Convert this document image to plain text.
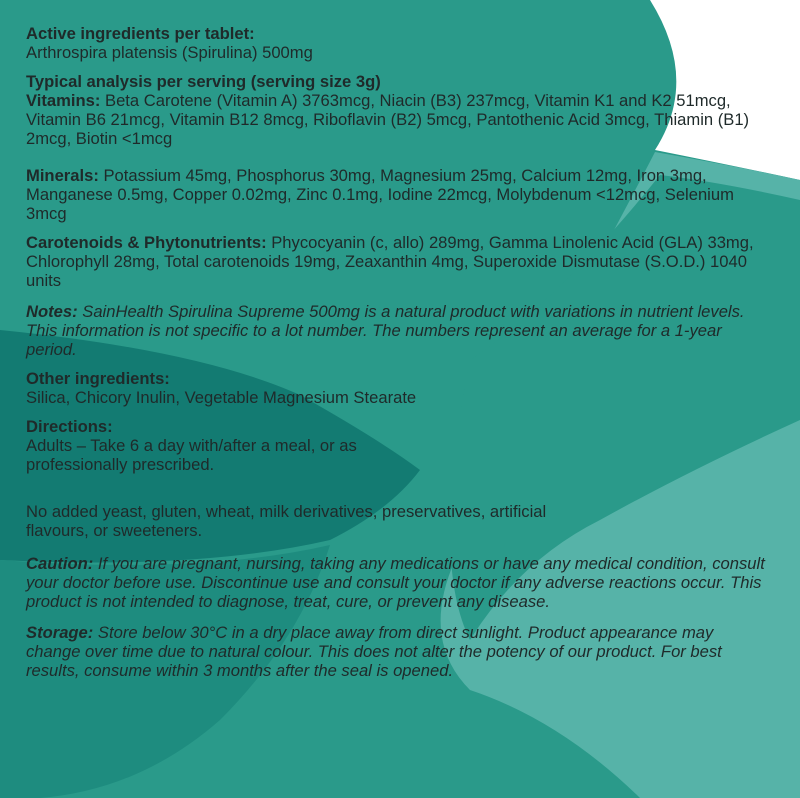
Active ingredients per tablet:
Arthrospira platensis (Spirulina) 500mg

Typical analysis per serving (serving size 3g)
Vitamins: Beta Carotene (Vitamin A) 3763mcg, Niacin (B3) 237mcg, Vitamin K1 and K2 51mcg, Vitamin B6 21mcg, Vitamin B12 8mcg, Riboflavin (B2) 5mcg, Pantothenic Acid 3mcg, Thiamin (B1) 2mcg, Biotin <1mcg

Minerals: Potassium 45mg, Phosphorus 30mg, Magnesium 25mg, Calcium 12mg, Iron 3mg, Manganese 0.5mg, Copper 0.02mg, Zinc 0.1mg, Iodine 22mcg, Molybdenum <12mcg, Selenium 3mcg

Carotenoids & Phytonutrients: Phycocyanin (c, allo) 289mg, Gamma Linolenic Acid (GLA) 33mg, Chlorophyll 28mg, Total carotenoids 19mg, Zeaxanthin 4mg, Superoxide Dismutase (S.O.D.) 1040 units

Notes: SainHealth Spirulina Supreme 500mg is a natural product with variations in nutrient levels. This information is not specific to a lot number. The numbers represent an average for a 1-year period.

Other ingredients:
Silica, Chicory Inulin, Vegetable Magnesium Stearate

Directions:
Adults – Take 6 a day with/after a meal, or as professionally prescribed.

No added yeast, gluten, wheat, milk derivatives, preservatives, artificial flavours, or sweeteners.

Caution: If you are pregnant, nursing, taking any medications or have any medical condition, consult your doctor before use. Discontinue use and consult your doctor if any adverse reactions occur. This product is not intended to diagnose, treat, cure, or prevent any disease.

Storage: Store below 30°C in a dry place away from direct sunlight. Product appearance may change over time due to natural colour. This does not alter the potency of our product. For best results, consume within 3 months after the seal is opened.
